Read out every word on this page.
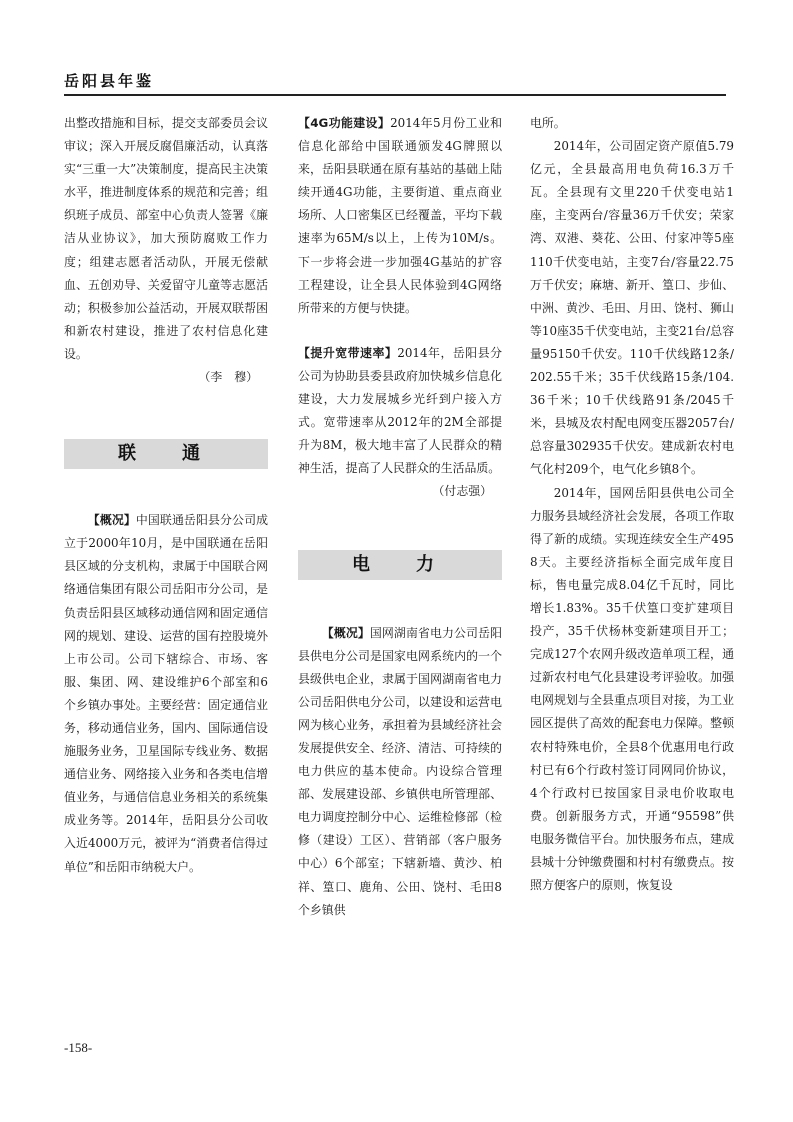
岳阳县年鉴

出整改措施和目标，提交支部委员会议审议；深入开展反腐倡廉活动，认真落实“三重一大”决策制度，提高民主决策水平，推进制度体系的规范和完善；组织班子成员、部室中心负责人签署《廉洁从业协议》，加大预防腐败工作力度；组建志愿者活动队，开展无偿献血、五创劝导、关爱留守儿童等志愿活动；积极参加公益活动，开展双联帮困和新农村建设，推进了农村信息化建设。

（李　穆）

联　通

【概况】中国联通岳阳县分公司成立于2000年10月，是中国联通在岳阳县区域的分支机构，隶属于中国联合网络通信集团有限公司岳阳市分公司，是负责岳阳县区域移动通信网和固定通信网的规划、建设、运营的国有控股境外上市公司。公司下辖综合、市场、客服、集团、网、建设维护6个部室和6个乡镇办事处。主要经营：固定通信业务，移动通信业务，国内、国际通信设施服务业务，卫星国际专线业务、数据通信业务、网络接入业务和各类电信增值业务，与通信信息业务相关的系统集成业务等。2014年，岳阳县分公司收入近4000万元，被评为“消费者信得过单位”和岳阳市纳税大户。

【4G功能建设】2014年5月份工业和信息化部给中国联通颁发4G牌照以来，岳阳县联通在原有基站的基础上陆续开通4G功能，主要街道、重点商业场所、人口密集区已经覆盖，平均下载速率为65M/s以上，上传为10M/s。下一步将会进一步加强4G基站的扩容工程建设，让全县人民体验到4G网络所带来的方便与快捷。

【提升宽带速率】2014年，岳阳县分公司为协助县委县政府加快城乡信息化建设，大力发展城乡光纤到户接入方式。宽带速率从2012年的2M全部提升为8M，极大地丰富了人民群众的精神生活，提高了人民群众的生活品质。

（付志强）

电　力

【概况】国网湖南省电力公司岳阳县供电分公司是国家电网系统内的一个县级供电企业，隶属于国网湖南省电力公司岳阳供电分公司，以建设和运营电网为核心业务，承担着为县域经济社会发展提供安全、经济、清洁、可持续的电力供应的基本使命。内设综合管理部、发展建设部、乡镇供电所管理部、电力调度控制分中心、运维检修部（检修（建设）工区）、营销部（客户服务中心）6个部室；下辖新墙、黄沙、柏祥、篁口、鹿角、公田、饶村、毛田8个乡镇供

电所。

2014年，公司固定资产原值5.79亿元，全县最高用电负荷16.3万千瓦。全县现有文里220千伏变电站1座，主变两台/容量36万千伏安；荣家湾、双港、葵花、公田、付家冲等5座110千伏变电站，主变7台/容量22.75万千伏安；麻塘、新开、篁口、步仙、中洲、黄沙、毛田、月田、饶村、狮山等10座35千伏变电站，主变21台/总容量95150千伏安。110千伏线路12条/202.55千米；35千伏线路15条/104.36千米；10千伏线路91条/2045千米，县城及农村配电网变压器2057台/总容量302935千伏安。建成新农村电气化村209个，电气化乡镇8个。

2014年，国网岳阳县供电公司全力服务县域经济社会发展，各项工作取得了新的成绩。实现连续安全生产4958天。主要经济指标全面完成年度目标，售电量完成8.04亿千瓦时，同比增长1.83%。35千伏篁口变扩建项目投产，35千伏杨林变新建项目开工；完成127个农网升级改造单项工程，通过新农村电气化县建设考评验收。加强电网规划与全县重点项目对接，为工业园区提供了高效的配套电力保障。整顿农村特殊电价，全县8个优惠用电行政村已有6个行政村签订同网同价协议，4个行政村已按国家目录电价收取电费。创新服务方式，开通“95598”供电服务微信平台。加快服务布点，建成县城十分钟缴费圈和村村有缴费点。按照方便客户的原则，恢复设

-158-
